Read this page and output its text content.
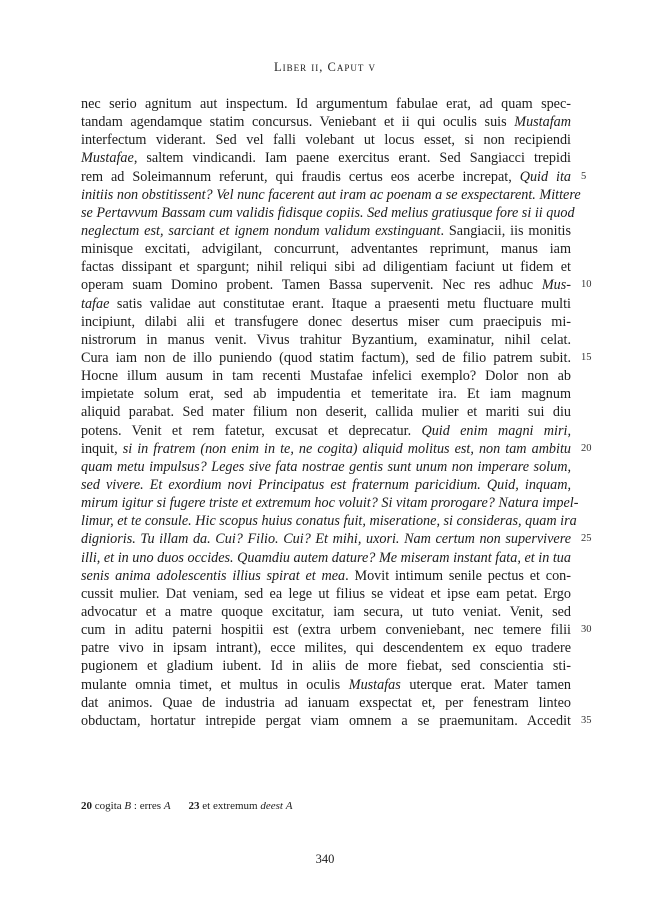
Liber ii, Caput v
nec serio agnitum aut inspectum. Id argumentum fabulae erat, ad quam spec-
tandam agendamque statim concursus. Veniebant et ii qui oculis suis Mustafam
interfectum viderant. Sed vel falli volebant ut locus esset, si non recipiendi
Mustafae, saltem vindicandi. Iam paene exercitus erant. Sed Sangiacci trepidi
rem ad Soleimannum referunt, qui fraudis certus eos acerbe increpat, Quid ita 5
initiis non obstitissent? Vel nunc facerent aut iram ac poenam a se exspectarent. Mittere
se Pertavvum Bassam cum validis fidisque copiis. Sed melius gratiusque fore si ii quod
neglectum est, sarciant et ignem nondum validum exstinguant. Sangiacii, iis monitis
minisque excitati, advigilant, concurrunt, adventantes reprimunt, manus iam
factas dissipant et spargunt; nihil reliqui sibi ad diligentiam faciunt ut fidem et
operam suam Domino probent. Tamen Bassa supervenit. Nec res adhuc Mus- 10
tafae satis validae aut constitutae erant. Itaque a praesenti metu fluctuare multi
incipiunt, dilabi alii et transfugere donec desertus miser cum praecipuis mi-
nistrorum in manus venit. Vivus trahitur Byzantium, examinatur, nihil celat.
Cura iam non de illo puniendo (quod statim factum), sed de filio patrem subit. 15
Hocne illum ausum in tam recenti Mustafae infelici exemplo? Dolor non ab
impietate solum erat, sed ab impudentia et temeritate ira. Et iam magnum
aliquid parabat. Sed mater filium non deserit, callida mulier et mariti sui diu
potens. Venit et rem fatetur, excusat et deprecatur. Quid enim magni miri,
inquit, si in fratrem (non enim in te, ne cogita) aliquid molitus est, non tam ambitu 20
quam metu impulsus? Leges sive fata nostrae gentis sunt unum non imperare solum,
sed vivere. Et exordium novi Principatus est fraternum paricidium. Quid, inquam,
mirum igitur si fugere triste et extremum hoc voluit? Si vitam prorogare? Natura impel-
limur, et te consule. Hic scopus huius conatus fuit, miseratione, si consideras, quam ira
dignioris. Tu illam da. Cui? Filio. Cui? Et mihi, uxori. Nam certum non supervivere 25
illi, et in uno duos occides. Quamdiu autem dature? Me miseram instant fata, et in tua
senis anima adolescentis illius spirat et mea. Movit intimum senile pectus et con-
cussit mulier. Dat veniam, sed ea lege ut filius se videat et ipse eam petat. Ergo
advocatur et a matre quoque excitatur, iam secura, ut tuto veniat. Venit, sed
cum in aditu paterni hospitii est (extra urbem conveniebant, nec temere filii 30
patre vivo in ipsam intrant), ecce milites, qui descendentem ex equo tradere
pugionem et gladium iubent. Id in aliis de more fiebat, sed conscientia sti-
mulante omnia timet, et multus in oculis Mustafas uterque erat. Mater tamen
dat animos. Quae de industria ad ianuam exspectat et, per fenestram linteo
obductam, hortatur intrepide pergat viam omnem a se praemunitam. Accedit 35
20 cogita B : erres A 23 et extremum deest A
340
